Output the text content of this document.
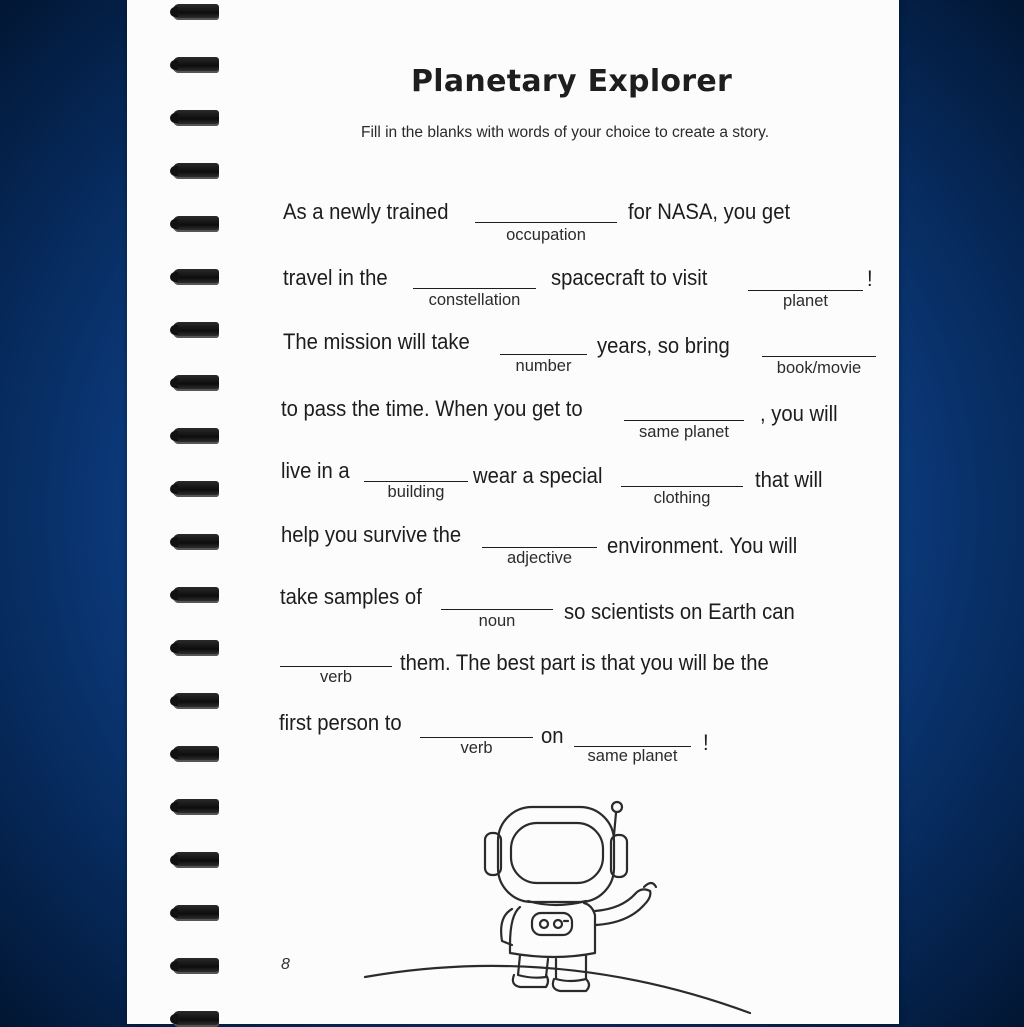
Planetary Explorer
Fill in the blanks with words of your choice to create a story.
As a newly trained
occupation
for NASA, you get
travel in the
constellation
spacecraft to visit
planet
!
The mission will take
number
years, so bring
book/movie
to pass the time. When you get to
same planet
, you will
live in a
building
wear a special
clothing
that will
help you survive the
adjective	environment. You will
take samples of
noun	so scientists on Earth can
verb
them. The best part is that you will be the
first person to
verb	on
same planet
!
8
